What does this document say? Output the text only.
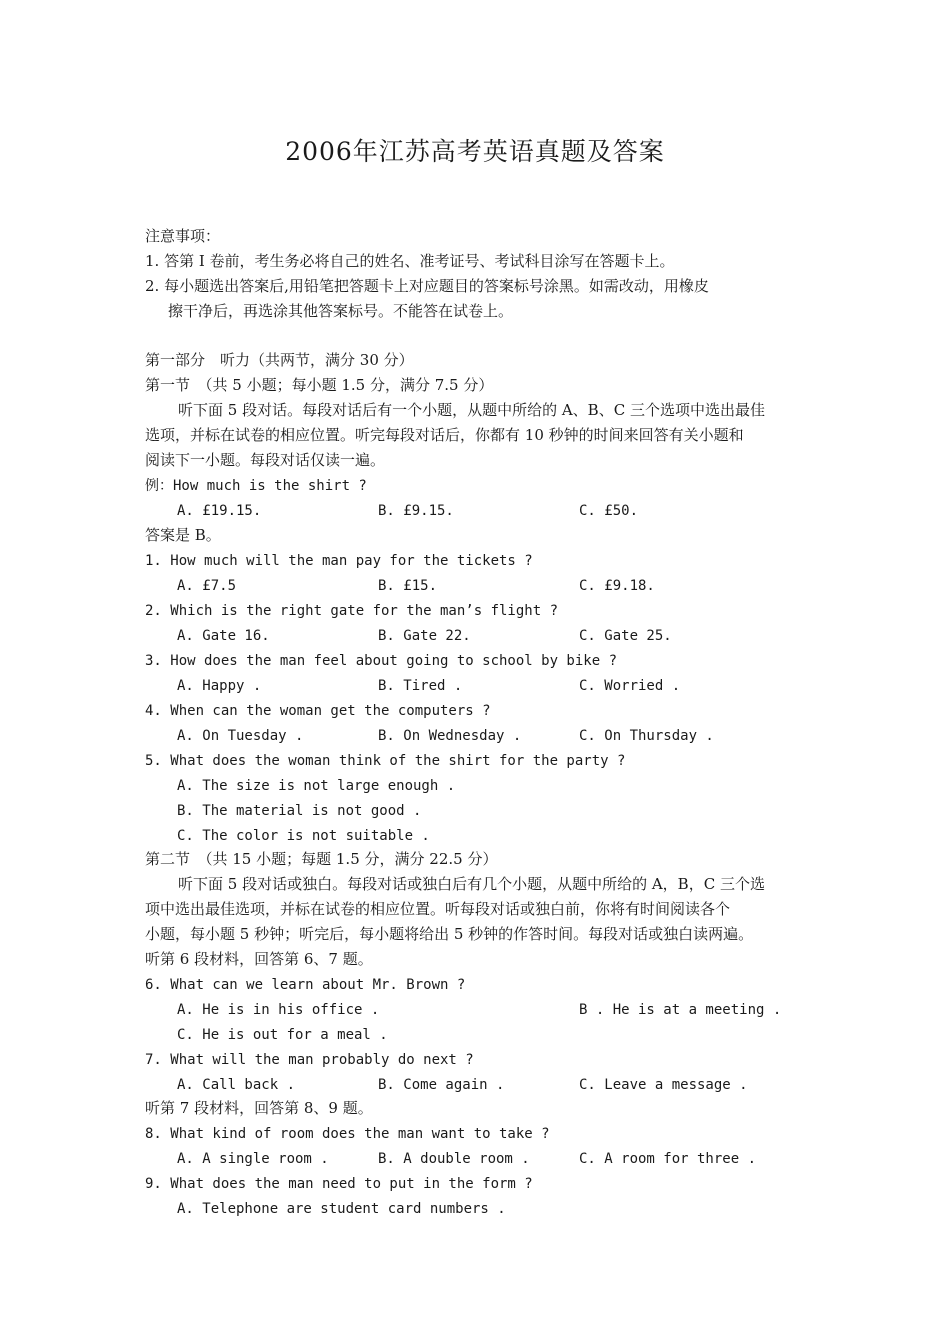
2006年江苏高考英语真题及答案
注意事项：
1. 答第 I 卷前，考生务必将自己的姓名、准考证号、考试科目涂写在答题卡上。
2. 每小题选出答案后,用铅笔把答题卡上对应题目的答案标号涂黑。如需改动，用橡皮
擦干净后，再选涂其他答案标号。不能答在试卷上。
第一部分　听力（共两节，满分 30 分）
第一节　（共 5 小题；每小题 1.5 分，满分 7.5 分）
听下面 5 段对话。每段对话后有一个小题，从题中所给的 A、B、C 三个选项中选出最佳
选项，并标在试卷的相应位置。听完每段对话后，你都有 10 秒钟的时间来回答有关小题和
阅读下一小题。每段对话仅读一遍。
例：How much is the shirt ?
A. £19.15.	B. £9.15.	C. £50.
答案是 B。
1. How much will the man pay for the tickets ?
A. £7.5	B. £15.	C. £9.18.
2. Which is the right gate for the man’s flight ?
A. Gate 16.	B. Gate 22.	C. Gate 25.
3. How does the man feel about going to school by bike ?
A. Happy .	B. Tired .	C. Worried .
4. When can the woman get the computers ?
A. On Tuesday .	B. On Wednesday .	C. On Thursday .
5. What does the woman think of the shirt for the party ?
A. The size is not large enough .
B. The material is not good .
C. The color is not suitable .
第二节　（共 15 小题；每题 1.5 分，满分 22.5 分）
听下面 5 段对话或独白。每段对话或独白后有几个小题，从题中所给的 A，B，C 三个选
项中选出最佳选项，并标在试卷的相应位置。听每段对话或独白前，你将有时间阅读各个
小题，每小题 5 秒钟；听完后，每小题将给出 5 秒钟的作答时间。每段对话或独白读两遍。
听第 6 段材料，回答第 6、7 题。
6. What can we learn about Mr. Brown ?
A. He is in his office .	B . He is at a meeting .
C. He is out for a meal .
7. What will the man probably do next ?
A. Call back .	B. Come again .	C. Leave a message .
听第 7 段材料，回答第 8、9 题。
8. What kind of room does the man want to take ?
A. A single room .	B. A double room .	C. A room for three .
9. What does the man need to put in the form ?
A. Telephone are student card numbers .
